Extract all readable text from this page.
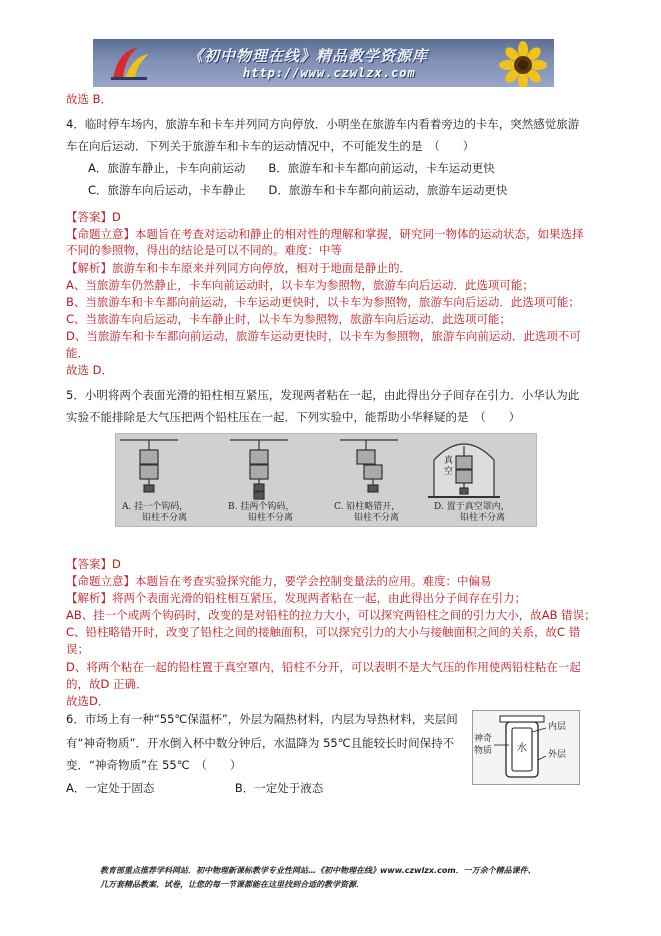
《初中物理在线》精品教学资源库
http://www.czwlzx.com
故选 B．
4．临时停车场内，旅游车和卡车并列同方向停放．小明坐在旅游车内看着旁边的卡车，突然感觉旅游
车在向后运动．下列关于旅游车和卡车的运动情况中，不可能发生的是　（　　）
A．旅游车静止，卡车向前运动　　B．旅游车和卡车都向前运动，卡车运动更快
C．旅游车向后运动，卡车静止　　D．旅游车和卡车都向前运动，旅游车运动更快
【答案】D
【命题立意】本题旨在考查对运动和静止的相对性的理解和掌握，研究同一物体的运动状态，如果选择
不同的参照物，得出的结论是可以不同的。难度：中等
【解析】旅游车和卡车原来并列同方向停放，相对于地面是静止的．
A、当旅游车仍然静止，卡车向前运动时，以卡车为参照物，旅游车向后运动．此选项可能；
B、当旅游车和卡车都向前运动，卡车运动更快时，以卡车为参照物，旅游车向后运动．此选项可能；
C、当旅游车向后运动，卡车静止时，以卡车为参照物，旅游车向后运动．此选项可能；
D、当旅游车和卡车都向前运动，旅游车运动更快时，以卡车为参照物，旅游车向前运动．此选项不可
能．
故选 D．
5．小明将两个表面光滑的铅柱相互紧压，发现两者粘在一起，由此得出分子间存在引力．小华认为此
实验不能排除是大气压把两个铅柱压在一起．下列实验中，能帮助小华释疑的是　（　　）
【答案】D
【命题立意】本题旨在考查实验探究能力，要学会控制变量法的应用。难度：中偏易
【解析】将两个表面光滑的铅柱相互紧压，发现两者粘在一起，由此得出分子间存在引力；
AB、挂一个或两个钩码时，改变的是对铅柱的拉力大小，可以探究两铅柱之间的引力大小，故AB 错误；
C、铅柱略错开时，改变了铅柱之间的接触面积，可以探究引力的大小与接触面积之间的关系，故C 错
误；
D、将两个粘在一起的铅柱置于真空罩内，铅柱不分开，可以表明不是大气压的作用使两铅柱粘在一起
的，故D 正确．
故选D．
6．市场上有一种“55℃保温杯”，外层为隔热材料，内层为导热材料，夹层间
有“神奇物质”．开水倒入杯中数分钟后，水温降为 55℃且能较长时间保持不
变．“神奇物质”在 55℃　（　　）
A．一定处于固态　　　　　　　B．一定处于液态
真
空
A. 挂一个钩码，
铅柱不分离
B. 挂两个钩码，
铅柱不分离
C. 铅柱略错开，
铅柱不分离
D. 置于真空罩内，
铅柱不分离
神奇
物质 水
内层
外层
教育部重点推荐学科网站．初中物理新课标教学专业性网站…《初中物理在线》www.czwlzx.com．一万余个精品课件、
几万套精品教案、试卷，让您的每一节课都能在这里找到合适的教学资源．
